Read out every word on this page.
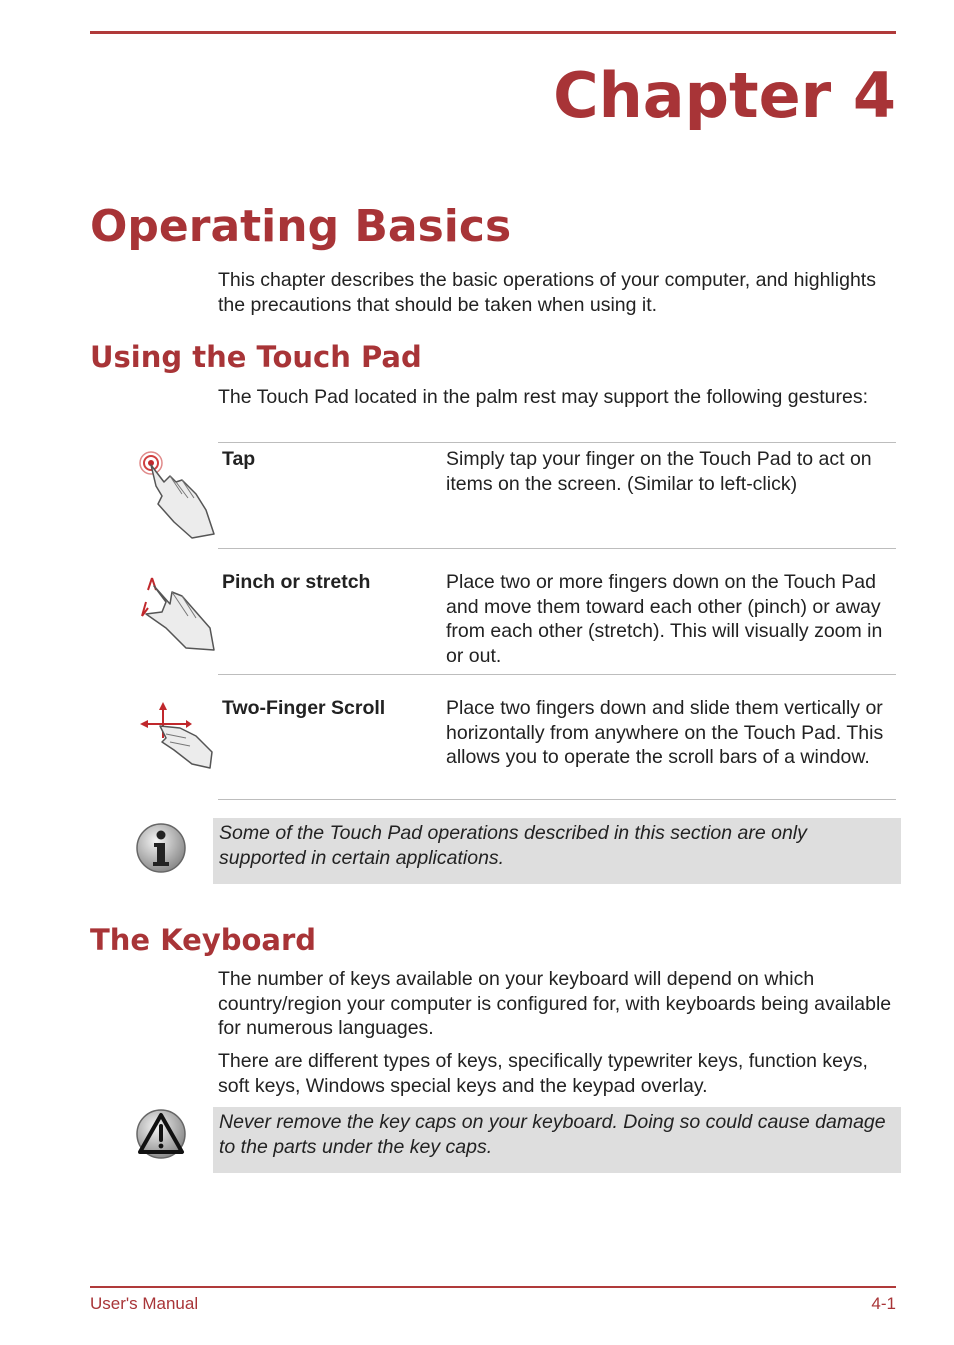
Chapter 4
Operating Basics

This chapter describes the basic operations of your computer, and highlights the precautions that should be taken when using it.

Using the Touch Pad

The Touch Pad located in the palm rest may support the following gestures:

Tap	Simply tap your finger on the Touch Pad to act on items on the screen. (Similar to left-click)

Pinch or stretch	Place two or more fingers down on the Touch Pad and move them toward each other (pinch) or away from each other (stretch). This will visually zoom in or out.

Two-Finger Scroll	Place two fingers down and slide them vertically or horizontally from anywhere on the Touch Pad. This allows you to operate the scroll bars of a window.

Some of the Touch Pad operations described in this section are only supported in certain applications.
The Keyboard

The number of keys available on your keyboard will depend on which country/region your computer is configured for, with keyboards being available for numerous languages.

There are different types of keys, specifically typewriter keys, function keys, soft keys, Windows special keys and the keypad overlay.

Never remove the key caps on your keyboard. Doing so could cause damage to the parts under the key caps.
User's Manual	4-1
